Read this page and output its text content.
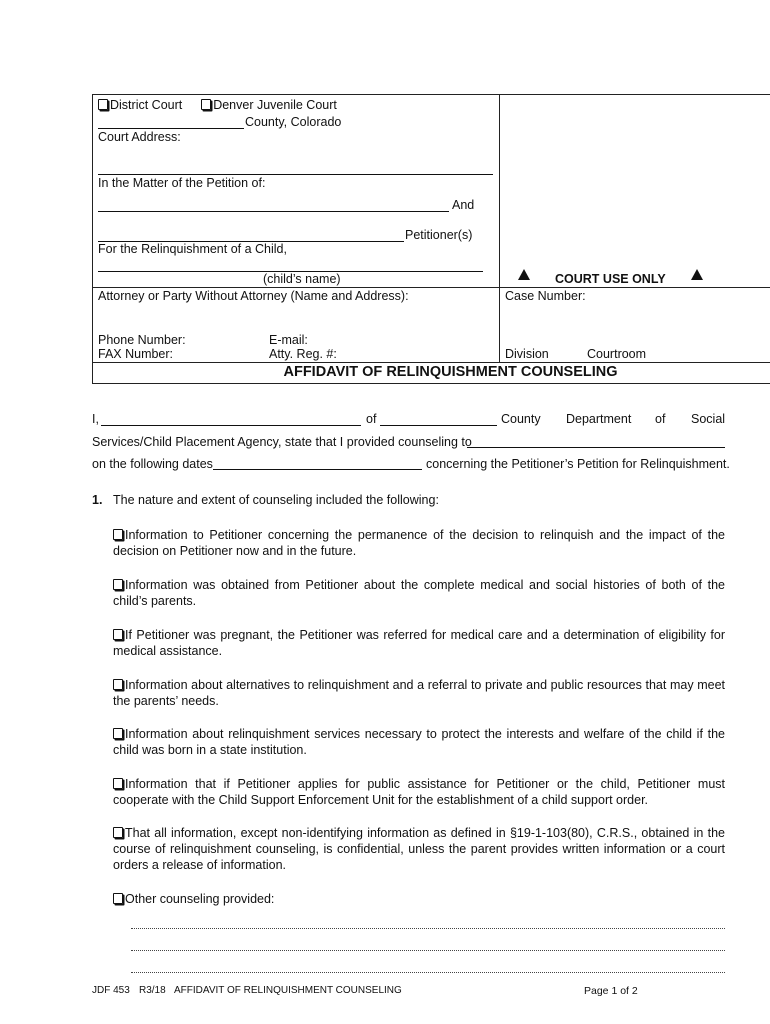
District Court Denver Juvenile Court
County, Colorado
Court Address:
In the Matter of the Petition of:
And
Petitioner(s)
For the Relinquishment of a Child,
(child’s name)
Attorney or Party Without Attorney (Name and Address):
Phone Number:	E-mail:
FAX Number:	Atty. Reg. #:
COURT USE ONLY
Case Number:
Division	Courtroom
AFFIDAVIT OF RELINQUISHMENT COUNSELING
I,	of	County Department of Social
Services/Child Placement Agency, state that I provided counseling to
on the following dates	concerning the Petitioner’s Petition for Relinquishment.
1. The nature and extent of counseling included the following:
Information to Petitioner concerning the permanence of the decision to relinquish and the impact of the decision on Petitioner now and in the future.
Information was obtained from Petitioner about the complete medical and social histories of both of the child’s parents.
If Petitioner was pregnant, the Petitioner was referred for medical care and a determination of eligibility for medical assistance.
Information about alternatives to relinquishment and a referral to private and public resources that may meet the parents’ needs.
Information about relinquishment services necessary to protect the interests and welfare of the child if the child was born in a state institution.
Information that if Petitioner applies for public assistance for Petitioner or the child, Petitioner must cooperate with the Child Support Enforcement Unit for the establishment of a child support order.
That all information, except non-identifying information as defined in §19-1-103(80), C.R.S., obtained in the course of relinquishment counseling, is confidential, unless the parent provides written information or a court orders a release of information.
Other counseling provided:
JDF 453 R3/18 AFFIDAVIT OF RELINQUISHMENT COUNSELING	Page 1 of 2
